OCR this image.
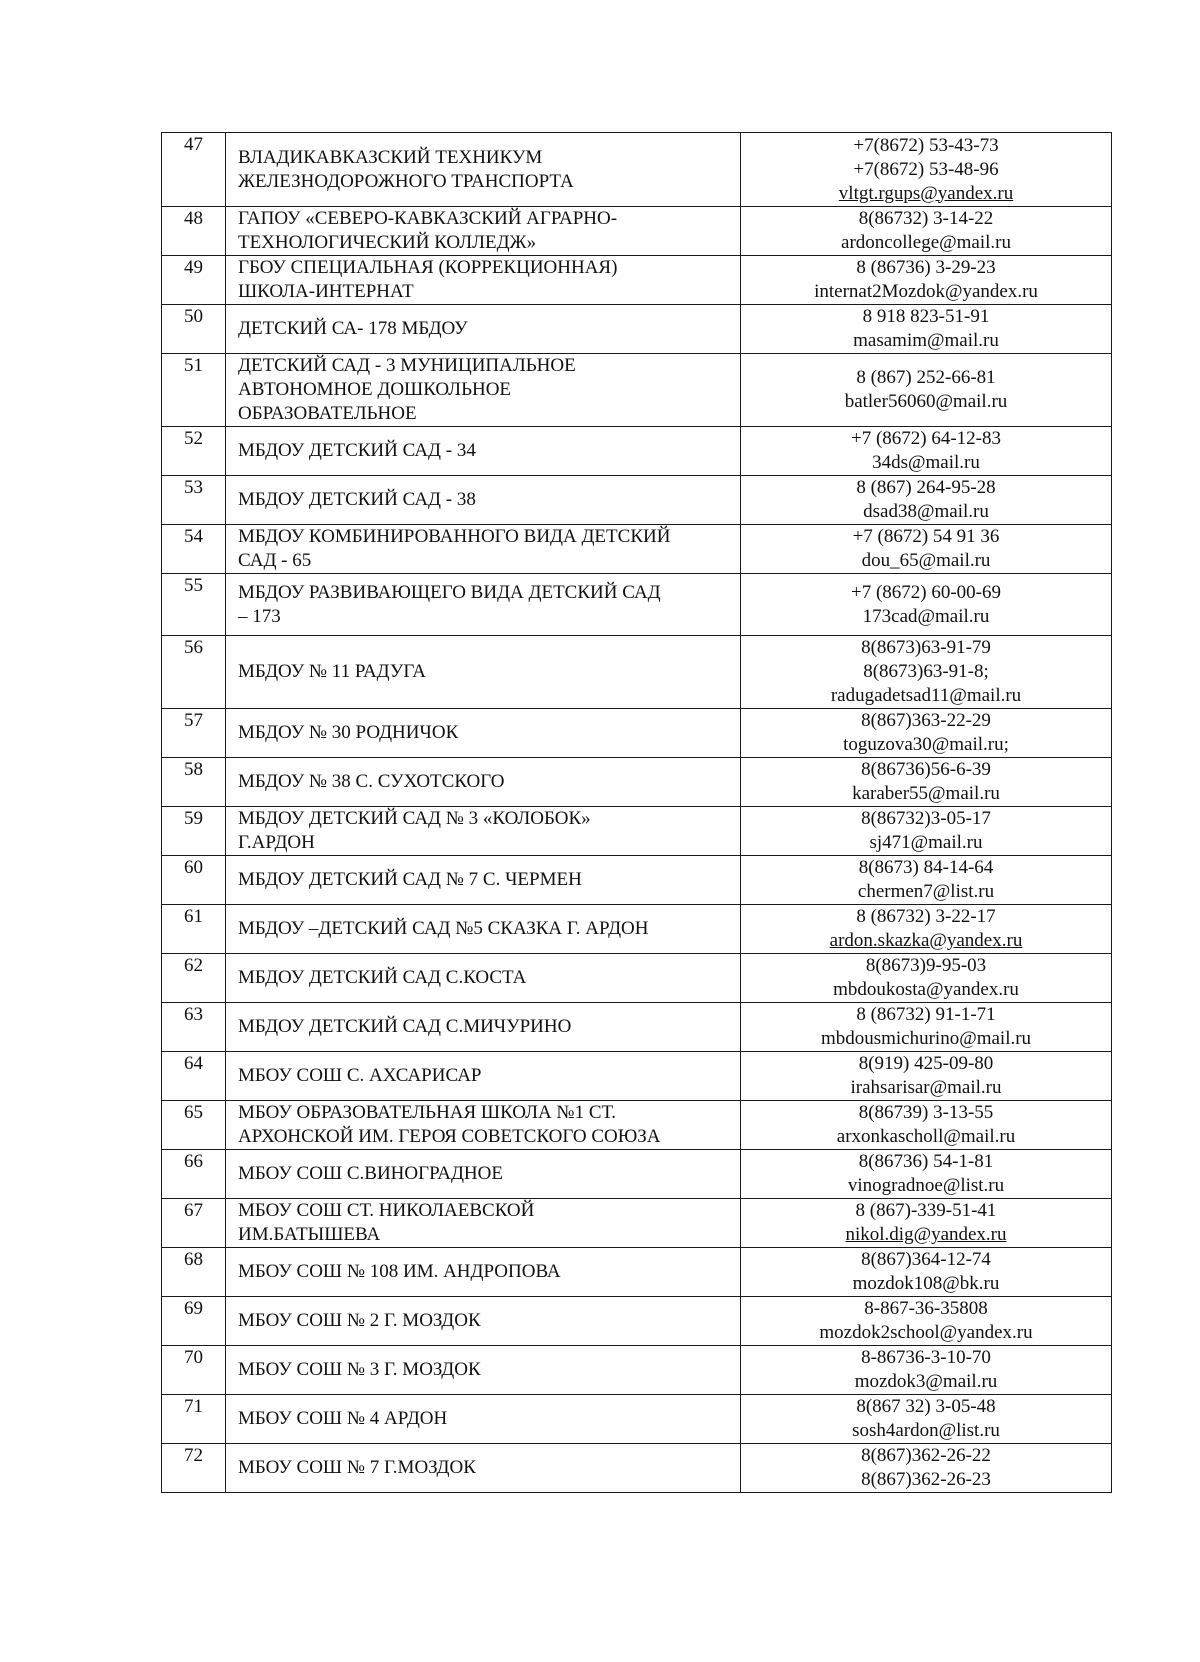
47	ВЛАДИКАВКАЗСКИЙ ТЕХНИКУМ
ЖЕЛЕЗНОДОРОЖНОГО ТРАНСПОРТА	+7(8672) 53-43-73
+7(8672) 53-48-96
vltgt.rgups@yandex.ru

48	ГАПОУ «СЕВЕРО-КАВКАЗСКИЙ АГРАРНО-
ТЕХНОЛОГИЧЕСКИЙ КОЛЛЕДЖ»	8(86732) 3-14-22
ardoncollege@mail.ru

49	ГБОУ СПЕЦИАЛЬНАЯ (КОРРЕКЦИОННАЯ)
ШКОЛА-ИНТЕРНАТ	8 (86736) 3-29-23
internat2Mozdok@yandex.ru

50	ДЕТСКИЙ СА- 178 МБДОУ	8 918 823-51-91
masamim@mail.ru

51	ДЕТСКИЙ САД - 3 МУНИЦИПАЛЬНОЕ
АВТОНОМНОЕ ДОШКОЛЬНОЕ
ОБРАЗОВАТЕЛЬНОЕ	8 (867) 252-66-81
batler56060@mail.ru

52	МБДОУ ДЕТСКИЙ САД - 34	+7 (8672) 64-12-83
34ds@mail.ru

53	МБДОУ ДЕТСКИЙ САД - 38	8 (867) 264-95-28
dsad38@mail.ru

54	МБДОУ КОМБИНИРОВАННОГО ВИДА ДЕТСКИЙ
САД - 65	+7 (8672) 54 91 36
dou_65@mail.ru

55	МБДОУ РАЗВИВАЮЩЕГО ВИДА ДЕТСКИЙ САД
– 173	+7 (8672) 60-00-69
173cad@mail.ru

56	МБДОУ № 11 РАДУГА	8(8673)63-91-79
8(8673)63-91-8;
radugadetsad11@mail.ru

57	МБДОУ № 30 РОДНИЧОК	8(867)363-22-29
toguzova30@mail.ru;

58	МБДОУ № 38 С. СУХОТСКОГО	8(86736)56-6-39
karaber55@mail.ru

59	МБДОУ ДЕТСКИЙ САД № 3 «КОЛОБОК»
Г.АРДОН	8(86732)3-05-17
sj471@mail.ru

60	МБДОУ ДЕТСКИЙ САД № 7 С. ЧЕРМЕН	8(8673) 84-14-64
chermen7@list.ru

61	МБДОУ –ДЕТСКИЙ САД №5 СКАЗКА Г. АРДОН	8 (86732) 3-22-17
ardon.skazka@yandex.ru

62	МБДОУ ДЕТСКИЙ САД С.КОСТА	8(8673)9-95-03
mbdoukosta@yandex.ru

63	МБДОУ ДЕТСКИЙ САД С.МИЧУРИНО	8 (86732) 91-1-71
mbdousmichurino@mail.ru

64	МБОУ СОШ С. АХСАРИСАР	8(919) 425-09-80
irahsarisar@mail.ru

65	МБОУ ОБРАЗОВАТЕЛЬНАЯ ШКОЛА №1 СТ.
АРХОНСКОЙ ИМ. ГЕРОЯ СОВЕТСКОГО СОЮЗА	8(86739) 3-13-55
arxonkascholl@mail.ru

66	МБОУ СОШ С.ВИНОГРАДНОЕ	8(86736) 54-1-81
vinogradnoe@list.ru

67	МБОУ СОШ СТ. НИКОЛАЕВСКОЙ
ИМ.БАТЫШЕВА	8 (867)-339-51-41
nikol.dig@yandex.ru

68	МБОУ СОШ № 108 ИМ. АНДРОПОВА	8(867)364-12-74
mozdok108@bk.ru

69	МБОУ СОШ № 2 Г. МОЗДОК	8-867-36-35808
mozdok2school@yandex.ru

70	МБОУ СОШ № 3 Г. МОЗДОК	8-86736-3-10-70
mozdok3@mail.ru

71	МБОУ СОШ № 4 АРДОН	8(867 32) 3-05-48
sosh4ardon@list.ru

72	МБОУ СОШ № 7 Г.МОЗДОК	8(867)362-26-22
8(867)362-26-23
